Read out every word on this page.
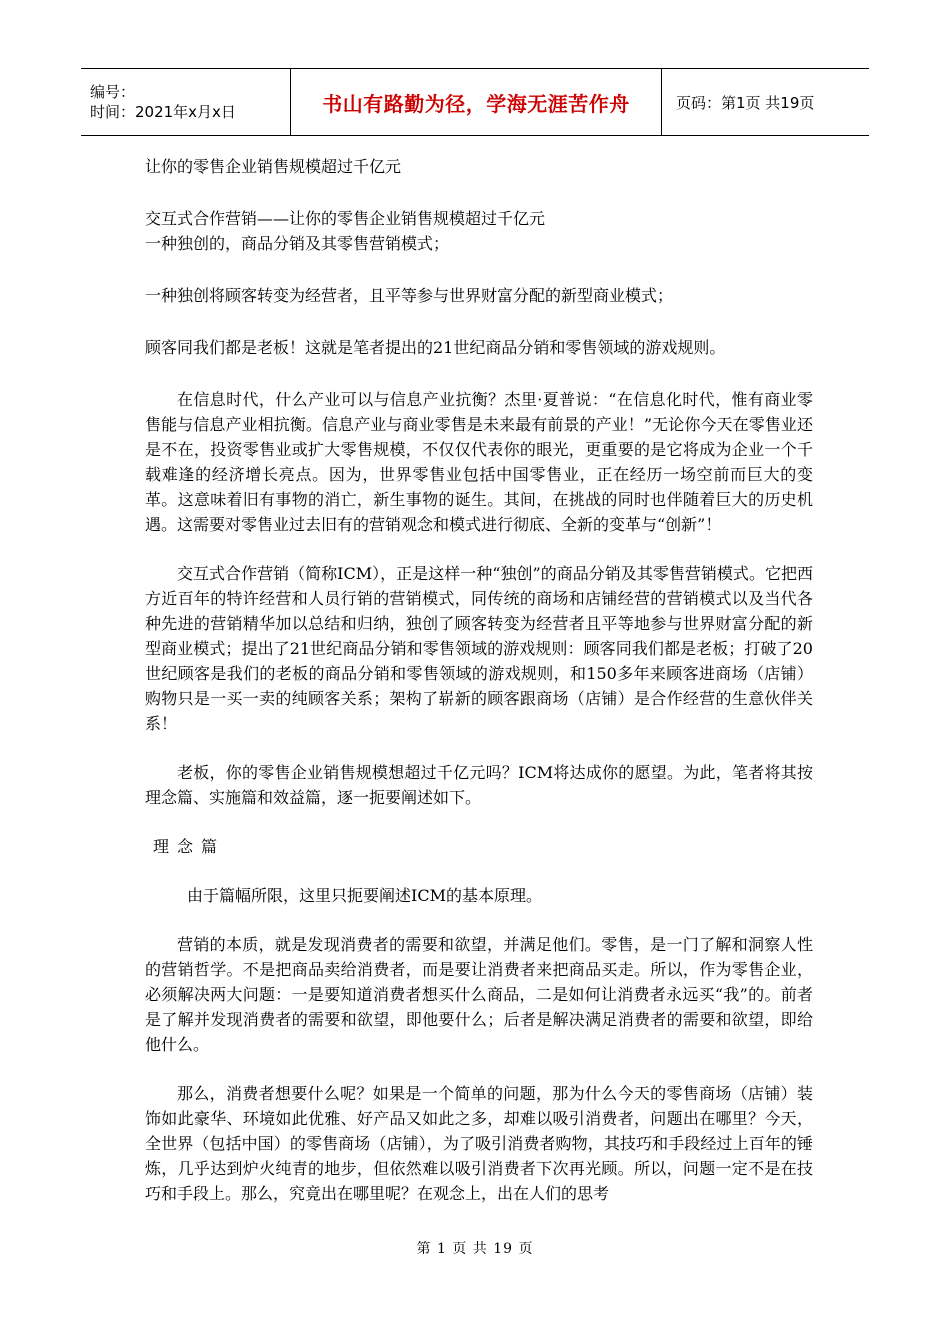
编号：
时间：2021年x月x日	书山有路勤为径，学海无涯苦作舟	页码：第1页 共19页

让你的零售企业销售规模超过千亿元

交互式合作营销——让你的零售企业销售规模超过千亿元

一种独创的，商品分销及其零售营销模式；

一种独创将顾客转变为经营者，且平等参与世界财富分配的新型商业模式；

顾客同我们都是老板！这就是笔者提出的21世纪商品分销和零售领域的游戏规则。

在信息时代，什么产业可以与信息产业抗衡？杰里·夏普说：“在信息化时代，惟有商业零售能与信息产业相抗衡。信息产业与商业零售是未来最有前景的产业！”无论你今天在零售业还是不在，投资零售业或扩大零售规模，不仅仅代表你的眼光，更重要的是它将成为企业一个千载难逢的经济增长亮点。因为，世界零售业包括中国零售业，正在经历一场空前而巨大的变革。这意味着旧有事物的消亡，新生事物的诞生。其间，在挑战的同时也伴随着巨大的历史机遇。这需要对零售业过去旧有的营销观念和模式进行彻底、全新的变革与“创新”！

交互式合作营销（简称ICM），正是这样一种“独创”的商品分销及其零售营销模式。它把西方近百年的特许经营和人员行销的营销模式，同传统的商场和店铺经营的营销模式以及当代各种先进的营销精华加以总结和归纳，独创了顾客转变为经营者且平等地参与世界财富分配的新型商业模式；提出了21世纪商品分销和零售领域的游戏规则：顾客同我们都是老板；打破了20世纪顾客是我们的老板的商品分销和零售领域的游戏规则，和150多年来顾客进商场（店铺）购物只是一买一卖的纯顾客关系；架构了崭新的顾客跟商场（店铺）是合作经营的生意伙伴关系！

老板，你的零售企业销售规模想超过千亿元吗？ICM将达成你的愿望。为此，笔者将其按理念篇、实施篇和效益篇，逐一扼要阐述如下。

理念篇

由于篇幅所限，这里只扼要阐述ICM的基本原理。

营销的本质，就是发现消费者的需要和欲望，并满足他们。零售，是一门了解和洞察人性的营销哲学。不是把商品卖给消费者，而是要让消费者来把商品买走。所以，作为零售企业，必须解决两大问题：一是要知道消费者想买什么商品，二是如何让消费者永远买“我”的。前者是了解并发现消费者的需要和欲望，即他要什么；后者是解决满足消费者的需要和欲望，即给他什么。

那么，消费者想要什么呢？如果是一个简单的问题，那为什么今天的零售商场（店铺）装饰如此豪华、环境如此优雅、好产品又如此之多，却难以吸引消费者，问题出在哪里？今天，全世界（包括中国）的零售商场（店铺），为了吸引消费者购物，其技巧和手段经过上百年的锤炼，几乎达到炉火纯青的地步，但依然难以吸引消费者下次再光顾。所以，问题一定不是在技巧和手段上。那么，究竟出在哪里呢？在观念上，出在人们的思考

第 1 页 共 19 页
